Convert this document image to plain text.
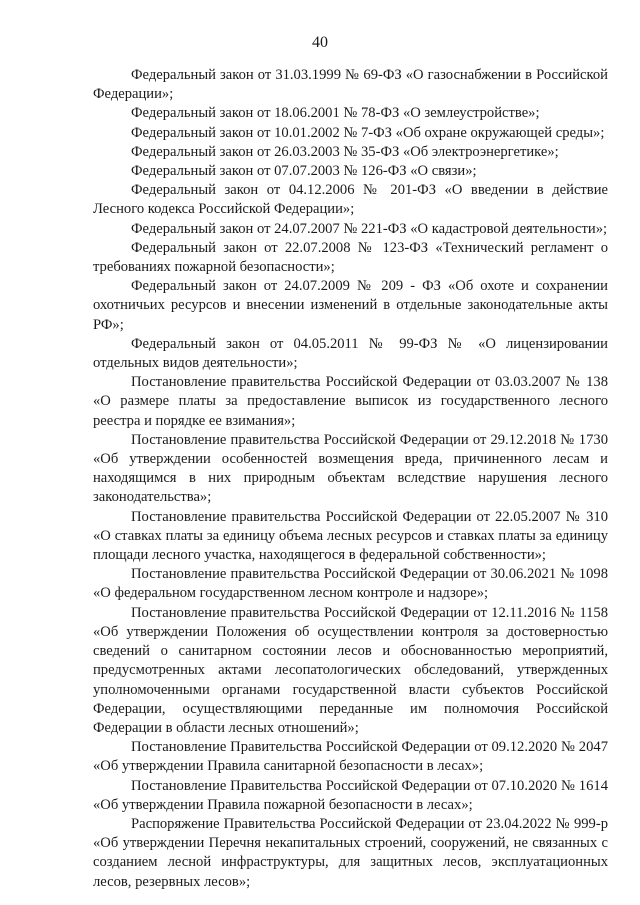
40

Федеральный закон от 31.03.1999 № 69-ФЗ «О газоснабжении в Российской Федерации»;

Федеральный закон от 18.06.2001 № 78-ФЗ «О землеустройстве»;

Федеральный закон от 10.01.2002 № 7-ФЗ «Об охране окружающей среды»;

Федеральный закон от 26.03.2003 № 35-ФЗ «Об электроэнергетике»;

Федеральный закон от 07.07.2003 № 126-ФЗ «О связи»;

Федеральный закон от 04.12.2006 № 201-ФЗ «О введении в действие Лесного кодекса Российской Федерации»;

Федеральный закон от 24.07.2007 № 221-ФЗ «О кадастровой деятельности»;

Федеральный закон от 22.07.2008 № 123-ФЗ «Технический регламент о требованиях пожарной безопасности»;

Федеральный закон от 24.07.2009 № 209 - ФЗ «Об охоте и сохранении охотничьих ресурсов и внесении изменений в отдельные законодательные акты РФ»;

Федеральный закон от 04.05.2011 № 99-ФЗ № «О лицензировании отдельных видов деятельности»;

Постановление правительства Российской Федерации от 03.03.2007 № 138 «О размере платы за предоставление выписок из государственного лесного реестра и порядке ее взимания»;

Постановление правительства Российской Федерации от 29.12.2018 № 1730 «Об утверждении особенностей возмещения вреда, причиненного лесам и находящимся в них природным объектам вследствие нарушения лесного законодательства»;

Постановление правительства Российской Федерации от 22.05.2007 № 310 «О ставках платы за единицу объема лесных ресурсов и ставках платы за единицу площади лесного участка, находящегося в федеральной собственности»;

Постановление правительства Российской Федерации от 30.06.2021 № 1098 «О федеральном государственном лесном контроле и надзоре»;

Постановление правительства Российской Федерации от 12.11.2016 № 1158 «Об утверждении Положения об осуществлении контроля за достоверностью сведений о санитарном состоянии лесов и обоснованностью мероприятий, предусмотренных актами лесопатологических обследований, утвержденных уполномоченными органами государственной власти субъектов Российской Федерации, осуществляющими переданные им полномочия Российской Федерации в области лесных отношений»;

Постановление Правительства Российской Федерации от 09.12.2020 № 2047 «Об утверждении Правила санитарной безопасности в лесах»;

Постановление Правительства Российской Федерации от 07.10.2020 № 1614 «Об утверждении Правила пожарной безопасности в лесах»;

Распоряжение Правительства Российской Федерации от 23.04.2022 № 999-р «Об утверждении Перечня некапитальных строений, сооружений, не связанных с созданием лесной инфраструктуры, для защитных лесов, эксплуатационных лесов, резервных лесов»;
